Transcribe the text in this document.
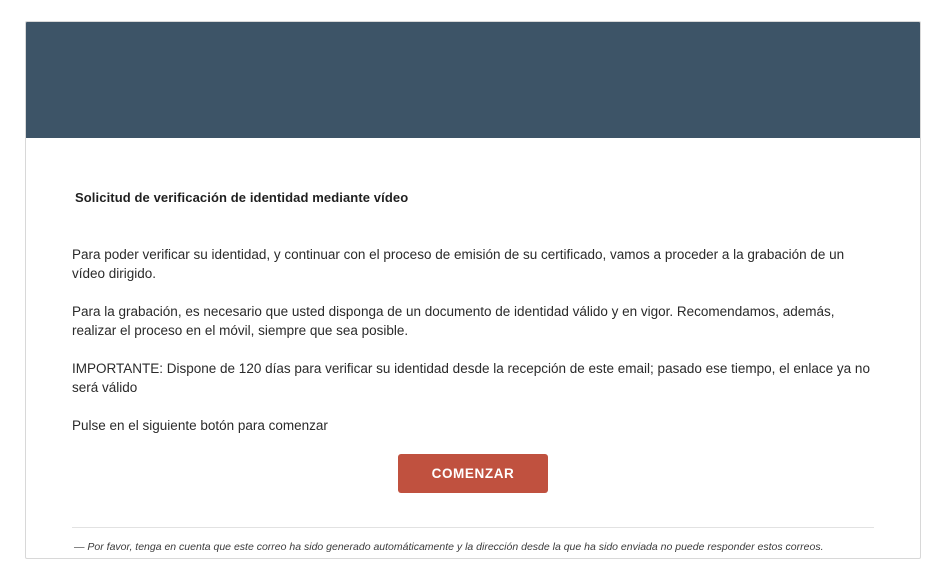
Solicitud de verificación de identidad mediante vídeo

Para poder verificar su identidad, y continuar con el proceso de emisión de su certificado, vamos a proceder a la grabación de un vídeo dirigido.

Para la grabación, es necesario que usted disponga de un documento de identidad válido y en vigor. Recomendamos, además, realizar el proceso en el móvil, siempre que sea posible.

IMPORTANTE: Dispone de 120 días para verificar su identidad desde la recepción de este email; pasado ese tiempo, el enlace ya no será válido

Pulse en el siguiente botón para comenzar

COMENZAR
— Por favor, tenga en cuenta que este correo ha sido generado automáticamente y la dirección desde la que ha sido enviada no puede responder estos correos.
